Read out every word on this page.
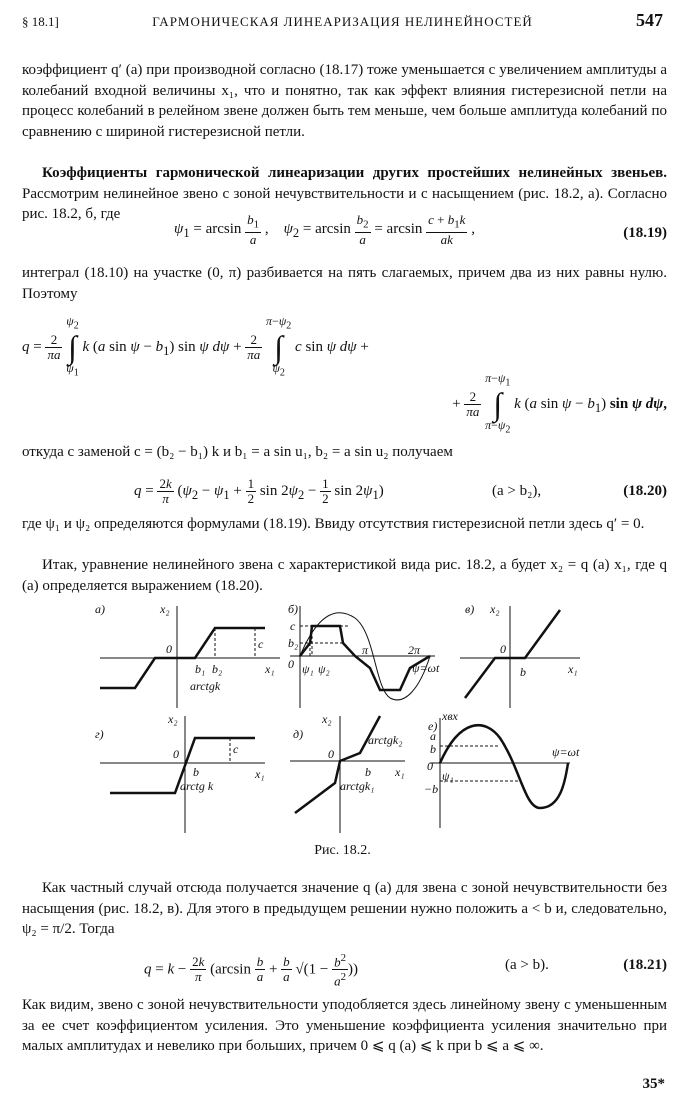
§ 18.1]	ГАРМОНИЧЕСКАЯ ЛИНЕАРИЗАЦИЯ НЕЛИНЕЙНОСТЕЙ	547
коэффициент q′ (a) при производной согласно (18.17) тоже уменьшается с увеличением амплитуды a колебаний входной величины x₁, что и понятно, так как эффект влияния гистерезисной петли на процесс колебаний в релейном звене должен быть тем меньше, чем больше амплитуда колебаний по сравнению с шириной гистерезисной петли.
Коэффициенты гармонической линеаризации других простейших нелинейных звеньев. Рассмотрим нелинейное звено с зоной нечувствительности и с насыщением (рис. 18.2, а). Согласно рис. 18.2, б, где
$\psi_1 = \arcsin \frac{b_1}{a}$ ,    $\psi_2 = \arcsin \frac{b_2}{a} = \arcsin \frac{c + b_1k}{ak}$ ,	(18.19)
интеграл (18.10) на участке (0, π) разбивается на пять слагаемых, причем два из них равны нулю. Поэтому
$q = \frac{2}{\pi a}$
$\psi_2$
∫
$\psi_1$ k (a $\sin \psi - b_1$) sin ψ $d\psi + \frac{2}{\pi a}$
$\pi-\psi_2$
∫
$\psi_2$ c sin ψ dψ +
+ $\frac{2}{\pi a}$
$\pi-\psi_1$
∫
$\pi-\psi_2$ k (a $\sin \psi - b_1$) sin ψ dψ,
откуда с заменой c = (b₂ − b₁) k и b₁ = a sin u₁, b₂ = a sin u₂ получаем
$q = \frac{2k}{\pi} (\psi_2 - \psi_1 + \frac{1}{2}$ $\sin 2\psi_2 - \frac{1}{2}$ $\sin 2\psi_1$)	(a > b₂),	(18.20)
где ψ₁ и ψ₂ определяются формулами (18.19). Ввиду отсутствия гистерезисной петли здесь q′ = 0.
Итак, уравнение нелинейного звена с характеристикой вида рис. 18.2, a будет x₂ = q (a) x₁, где q (a) определяется выражением (18.20).
а)	x₂
x₁
0	c
b₁ b₂
arctgk
б)
c
b₂
0 ψ₁ ψ₂
π	2π
ψ=ωt
в) x₂
x₁
0
b
г)
x₂
x₁
0	c
b
arctg k
д)
x₂
x₁
0
b
arctgk₁
arctgk₂
е)
xвх
a
b
0
ψ₁
−b
ψ=ωt
Рис. 18.2.
Как частный случай отсюда получается значение q (a) для звена с зоной нечувствительности без насыщения (рис. 18.2, в). Для этого в предыдущем решении нужно положить a < b и, следовательно, ψ₂ = π/2. Тогда
$q = k - \frac{2k}{\pi} (\arcsin \frac{b}{a} + \frac{b}{a} √(1 - \frac{b^2}{a^2}$ ))	(a > b).	(18.21)
Как видим, звено с зоной нечувствительности уподобляется здесь линейному звену с уменьшенным за ее счет коэффициентом усиления. Это уменьшение коэффициента усиления значительно при малых амплитудах и невелико при больших, причем 0 ⩽ q (a) ⩽ k при b ⩽ a ⩽ ∞.
35*
